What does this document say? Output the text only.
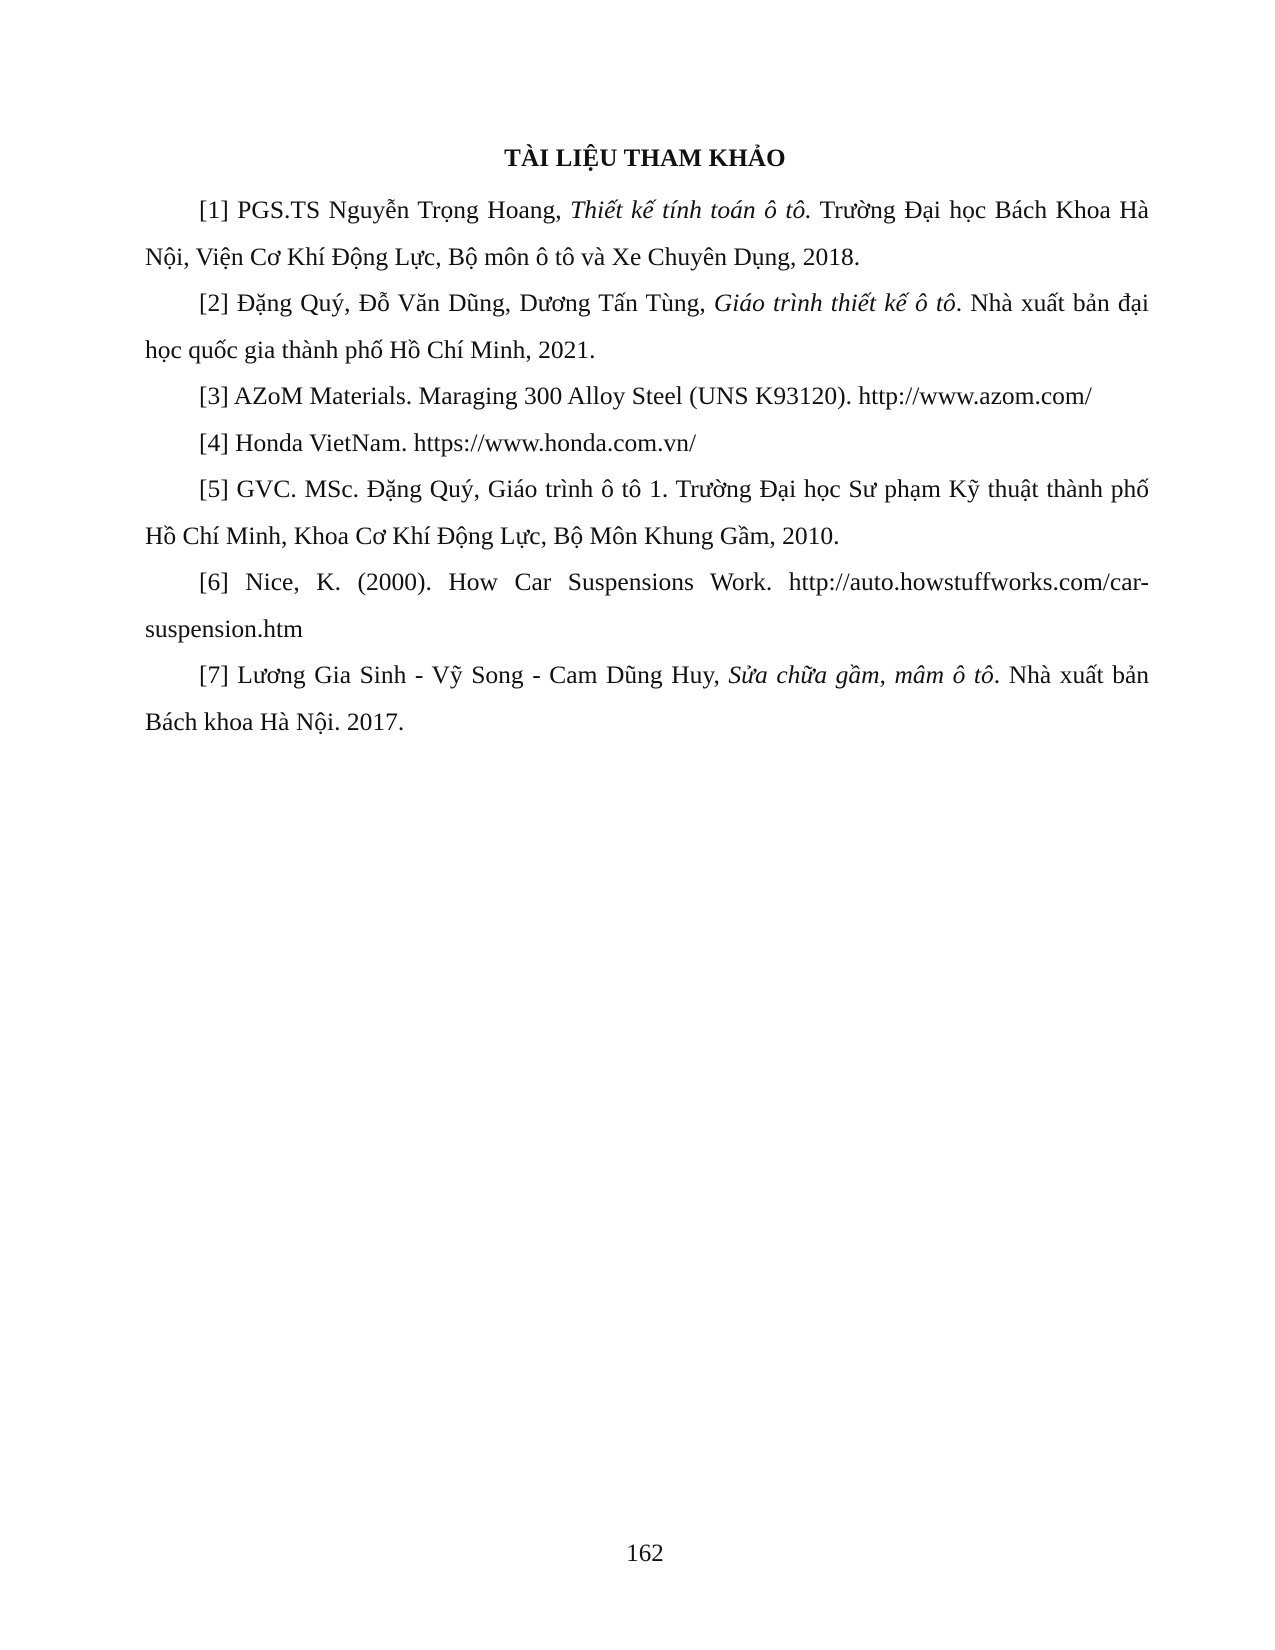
TÀI LIỆU THAM KHẢO

[1] PGS.TS Nguyễn Trọng Hoang, Thiết kế tính toán ô tô. Trường Đại học Bách Khoa Hà Nội, Viện Cơ Khí Động Lực, Bộ môn ô tô và Xe Chuyên Dụng, 2018.

[2] Đặng Quý, Đỗ Văn Dũng, Dương Tấn Tùng, Giáo trình thiết kế ô tô. Nhà xuất bản đại học quốc gia thành phố Hồ Chí Minh, 2021.

[3] AZoM Materials. Maraging 300 Alloy Steel (UNS K93120). http://www.azom.com/

[4] Honda VietNam. https://www.honda.com.vn/

[5] GVC. MSc. Đặng Quý, Giáo trình ô tô 1. Trường Đại học Sư phạm Kỹ thuật thành phố Hồ Chí Minh, Khoa Cơ Khí Động Lực, Bộ Môn Khung Gầm, 2010.

[6] Nice, K. (2000). How Car Suspensions Work. http://auto.howstuffworks.com/car-suspension.htm

[7] Lương Gia Sinh - Vỹ Song - Cam Dũng Huy, Sửa chữa gầm, mâm ô tô. Nhà xuất bản Bách khoa Hà Nội. 2017.

162
